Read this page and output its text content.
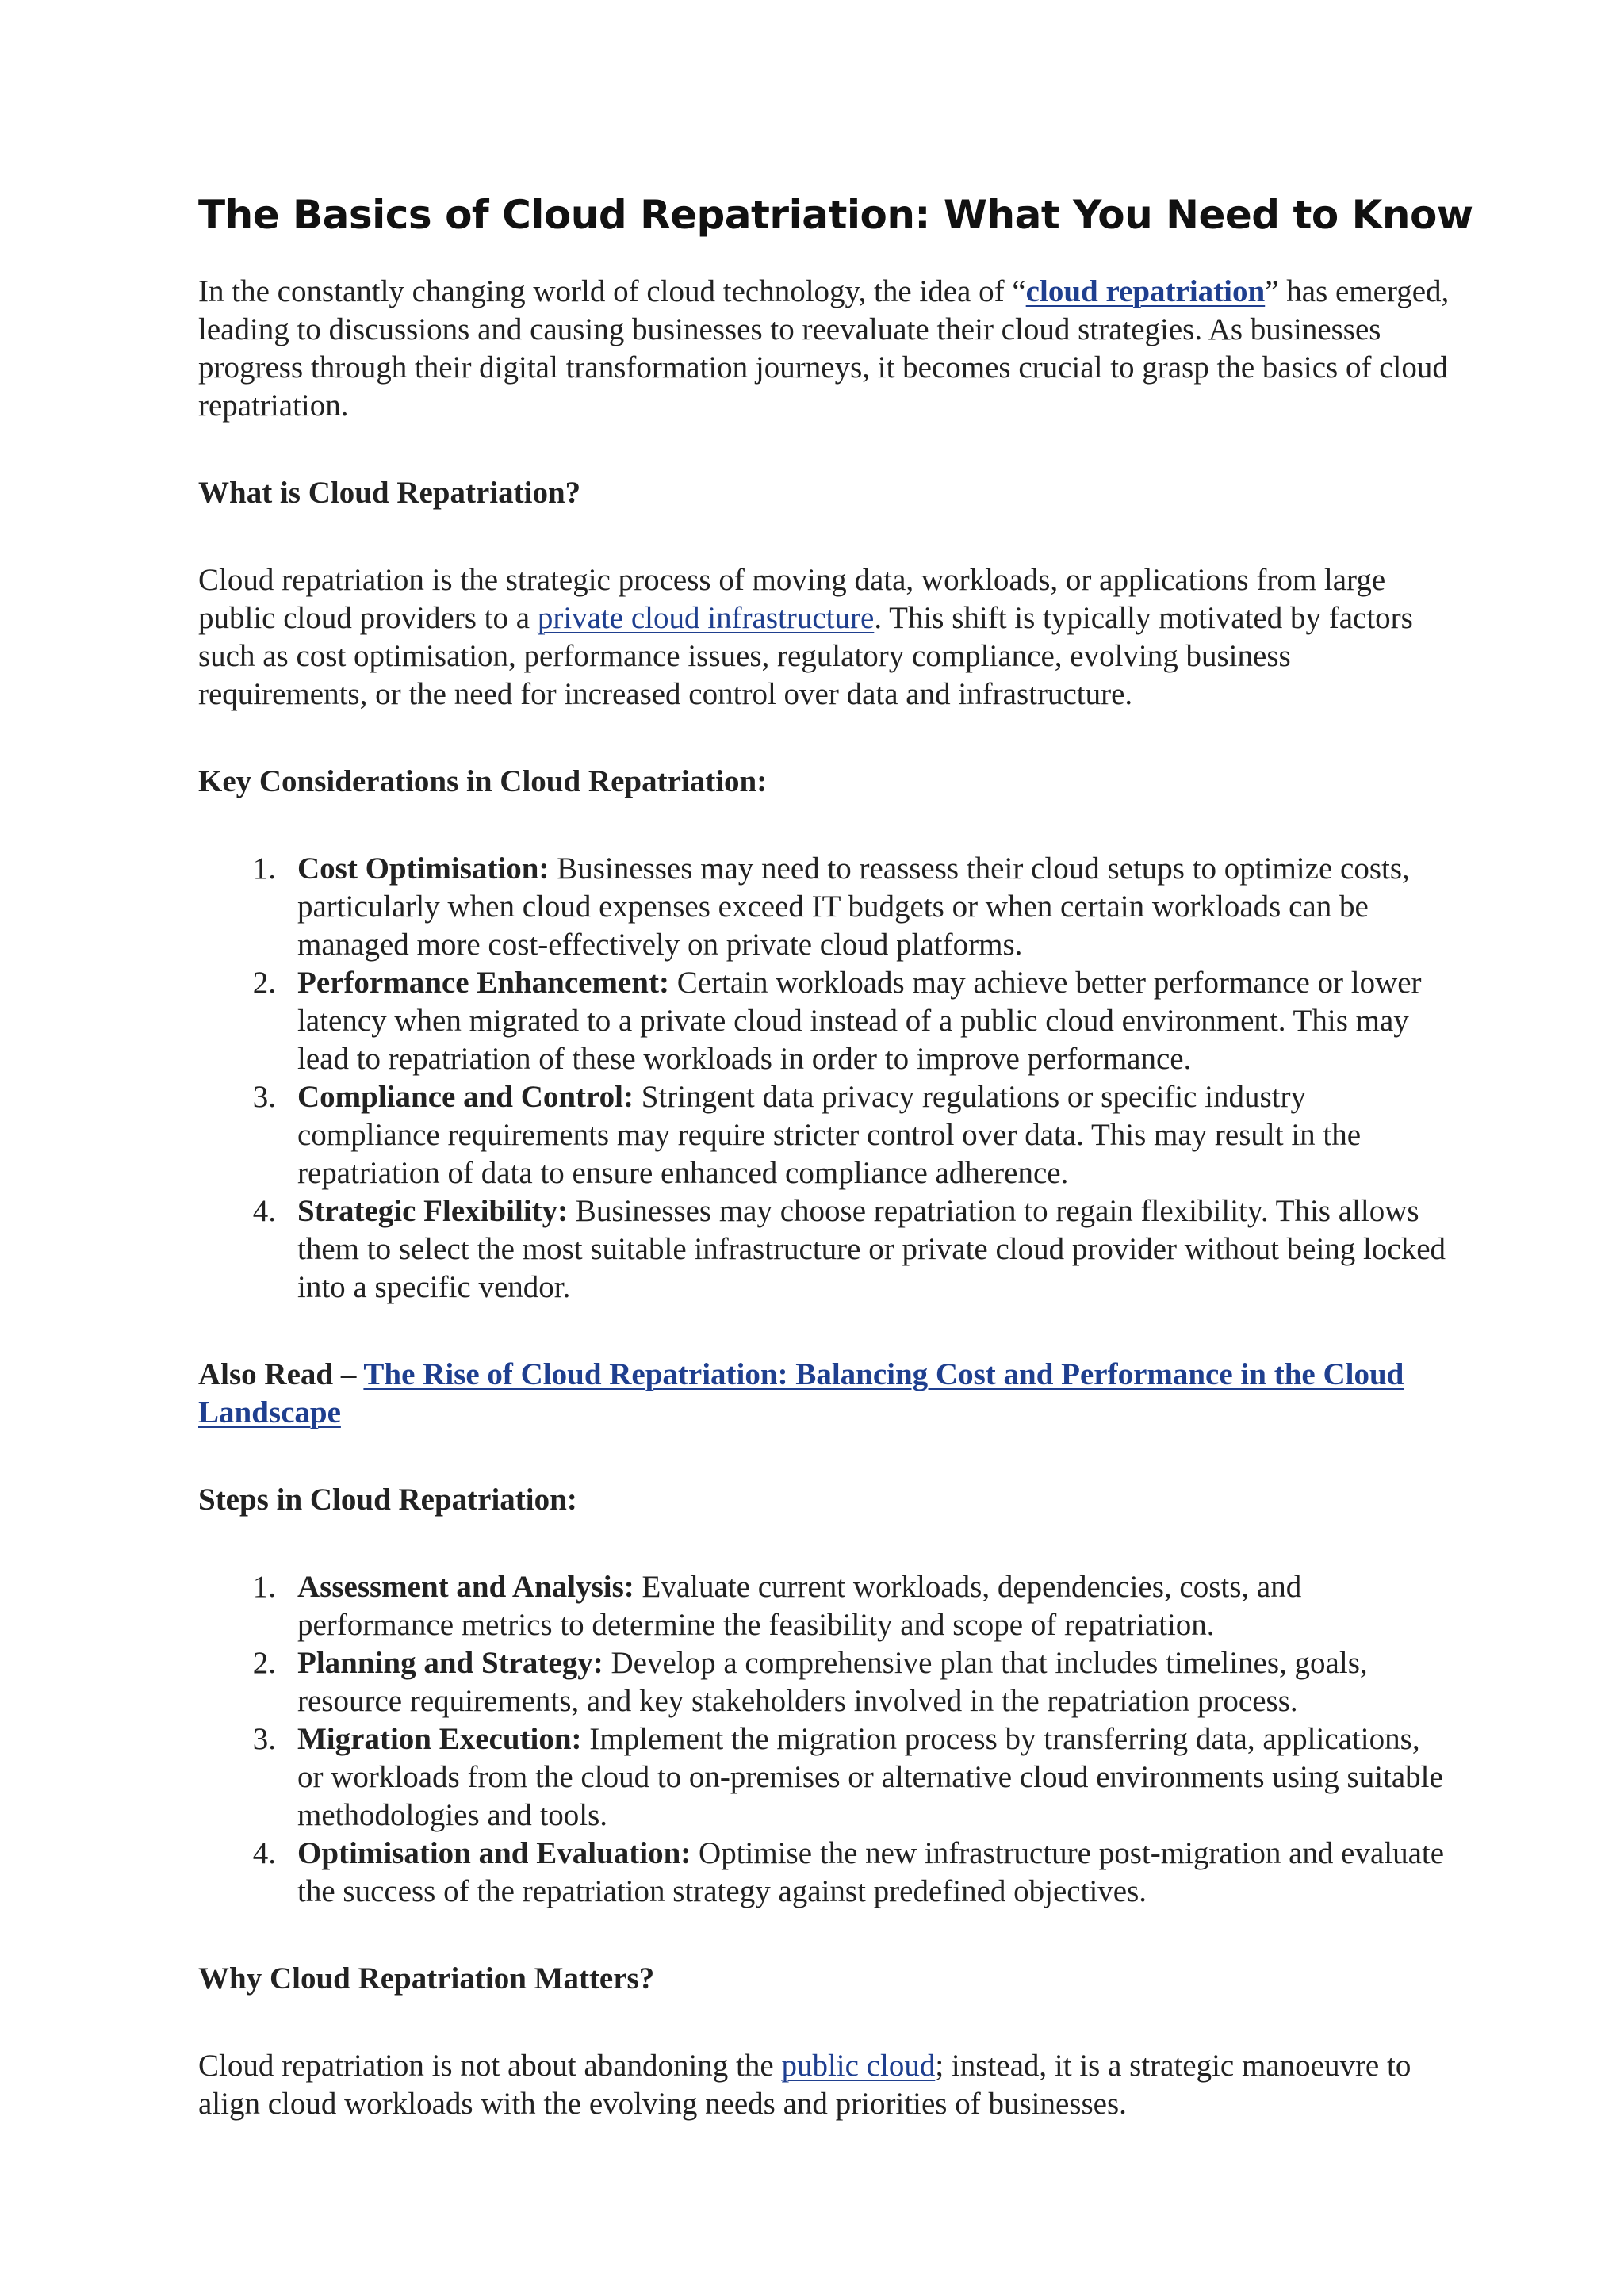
The Basics of Cloud Repatriation: What You Need to Know

In the constantly changing world of cloud technology, the idea of “cloud repatriation” has emerged, leading to discussions and causing businesses to reevaluate their cloud strategies. As businesses progress through their digital transformation journeys, it becomes crucial to grasp the basics of cloud repatriation.

What is Cloud Repatriation?

Cloud repatriation is the strategic process of moving data, workloads, or applications from large public cloud providers to a private cloud infrastructure. This shift is typically motivated by factors such as cost optimisation, performance issues, regulatory compliance, evolving business requirements, or the need for increased control over data and infrastructure.

Key Considerations in Cloud Repatriation:
1. Cost Optimisation: Businesses may need to reassess their cloud setups to optimize costs, particularly when cloud expenses exceed IT budgets or when certain workloads can be managed more cost-effectively on private cloud platforms.
2. Performance Enhancement: Certain workloads may achieve better performance or lower latency when migrated to a private cloud instead of a public cloud environment. This may lead to repatriation of these workloads in order to improve performance.
3. Compliance and Control: Stringent data privacy regulations or specific industry compliance requirements may require stricter control over data. This may result in the repatriation of data to ensure enhanced compliance adherence.
4. Strategic Flexibility: Businesses may choose repatriation to regain flexibility. This allows them to select the most suitable infrastructure or private cloud provider without being locked into a specific vendor.

Also Read – The Rise of Cloud Repatriation: Balancing Cost and Performance in the Cloud Landscape

Steps in Cloud Repatriation:
1. Assessment and Analysis: Evaluate current workloads, dependencies, costs, and performance metrics to determine the feasibility and scope of repatriation.
2. Planning and Strategy: Develop a comprehensive plan that includes timelines, goals, resource requirements, and key stakeholders involved in the repatriation process.
3. Migration Execution: Implement the migration process by transferring data, applications, or workloads from the cloud to on-premises or alternative cloud environments using suitable methodologies and tools.
4. Optimisation and Evaluation: Optimise the new infrastructure post-migration and evaluate the success of the repatriation strategy against predefined objectives.
Why Cloud Repatriation Matters?

Cloud repatriation is not about abandoning the public cloud; instead, it is a strategic manoeuvre to align cloud workloads with the evolving needs and priorities of businesses.
